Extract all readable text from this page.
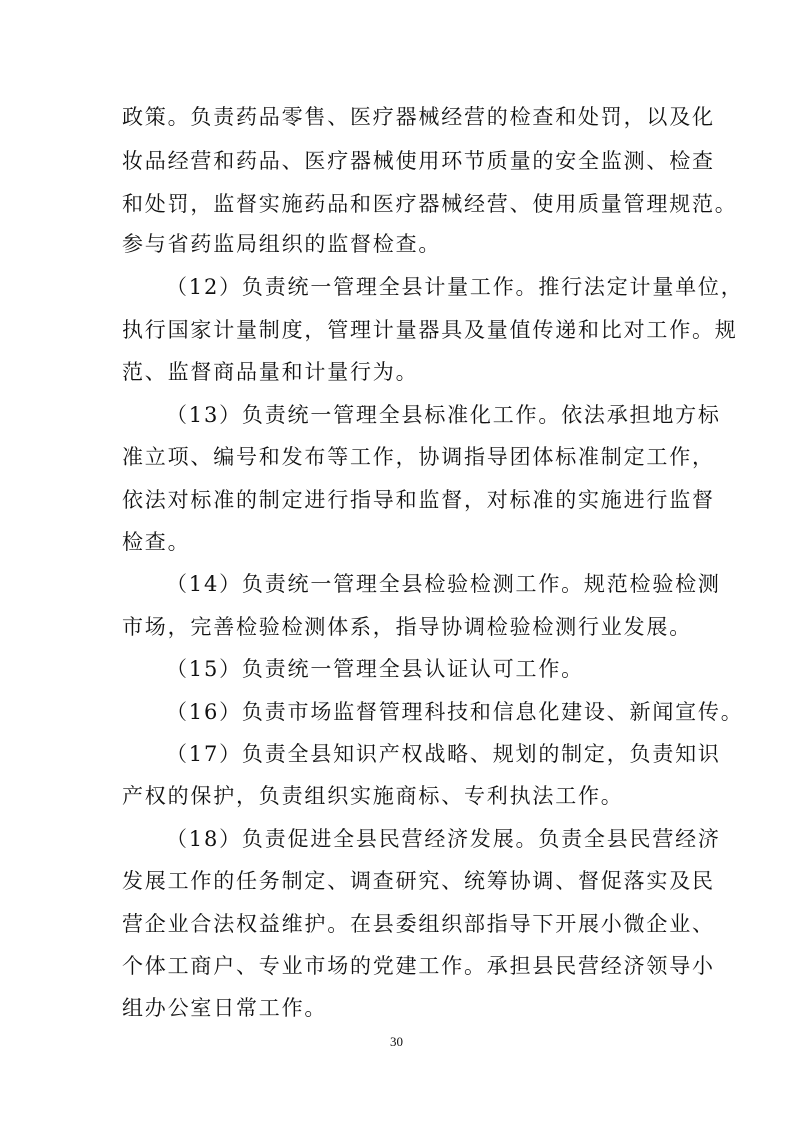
政策。负责药品零售、医疗器械经营的检查和处罚，以及化
妆品经营和药品、医疗器械使用环节质量的安全监测、检查
和处罚，监督实施药品和医疗器械经营、使用质量管理规范。
参与省药监局组织的监督检查。
（12）负责统一管理全县计量工作。推行法定计量单位，
执行国家计量制度，管理计量器具及量值传递和比对工作。规
范、监督商品量和计量行为。
（13）负责统一管理全县标准化工作。依法承担地方标
准立项、编号和发布等工作，协调指导团体标准制定工作，
依法对标准的制定进行指导和监督，对标准的实施进行监督
检查。
（14）负责统一管理全县检验检测工作。规范检验检测
市场，完善检验检测体系，指导协调检验检测行业发展。
（15）负责统一管理全县认证认可工作。
（16）负责市场监督管理科技和信息化建设、新闻宣传。
（17）负责全县知识产权战略、规划的制定，负责知识
产权的保护，负责组织实施商标、专利执法工作。
（18）负责促进全县民营经济发展。负责全县民营经济
发展工作的任务制定、调查研究、统筹协调、督促落实及民
营企业合法权益维护。在县委组织部指导下开展小微企业、
个体工商户、专业市场的党建工作。承担县民营经济领导小
组办公室日常工作。
30
